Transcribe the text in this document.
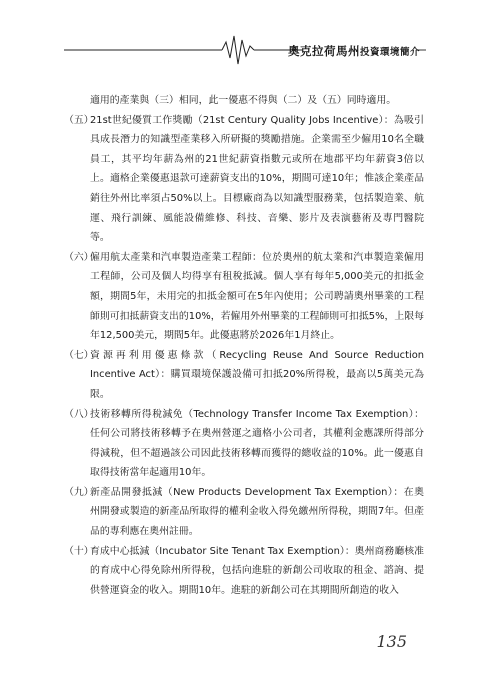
奧克拉荷馬州投資環境簡介
適用的產業與（三）相同，此一優惠不得與（二）及（五）同時適用。
（五）
21st世紀優質工作獎勵（21st Century Quality Jobs Incentive）：為吸引具成長潛力的知識型產業移入所研擬的獎勵措施。企業需至少僱用10名全職員工，其平均年薪為州的21世紀薪資指數元或所在地郡平均年薪資3倍以上。適格企業優惠退款可達薪資支出的10%，期間可達10年；惟該企業產品銷往外州比率須占50%以上。目標廠商為以知識型服務業，包括製造業、航運、飛行訓練、風能設備維修、科技、音樂、影片及表演藝術及專門醫院等。
（六）
僱用航太產業和汽車製造產業工程師：位於奧州的航太業和汽車製造業僱用工程師，公司及個人均得享有租稅抵減。個人享有每年5,000美元的扣抵金額，期間5年，未用完的扣抵金額可在5年內使用；公司聘請奧州畢業的工程師則可扣抵薪資支出的10%，若僱用外州畢業的工程師則可扣抵5%，上限每年12,500美元，期間5年。此優惠將於2026年1月終止。
（七）
資源再利用優惠條款（Recycling Reuse And Source Reduction Incentive Act）：購買環境保護設備可扣抵20%所得稅，最高以5萬美元為限。
（八）
技術移轉所得稅減免（Technology Transfer Income Tax Exemption）：任何公司將技術移轉予在奧州營運之適格小公司者，其權利金應課所得部分得減稅，但不超過該公司因此技術移轉而獲得的總收益的10%。此一優惠自取得技術當年起適用10年。
（九）
新產品開發抵減（New Products Development Tax Exemption）：在奧州開發或製造的新產品所取得的權利金收入得免繳州所得稅，期間7年。但產品的專利應在奧州註冊。
（十）
育成中心抵減（Incubator Site Tenant Tax Exemption）：奧州商務廳核准的育成中心得免除州所得稅，包括向進駐的新創公司收取的租金、諮詢、提供營運資金的收入。期間10年。進駐的新創公司在其期間所創造的收入
135
